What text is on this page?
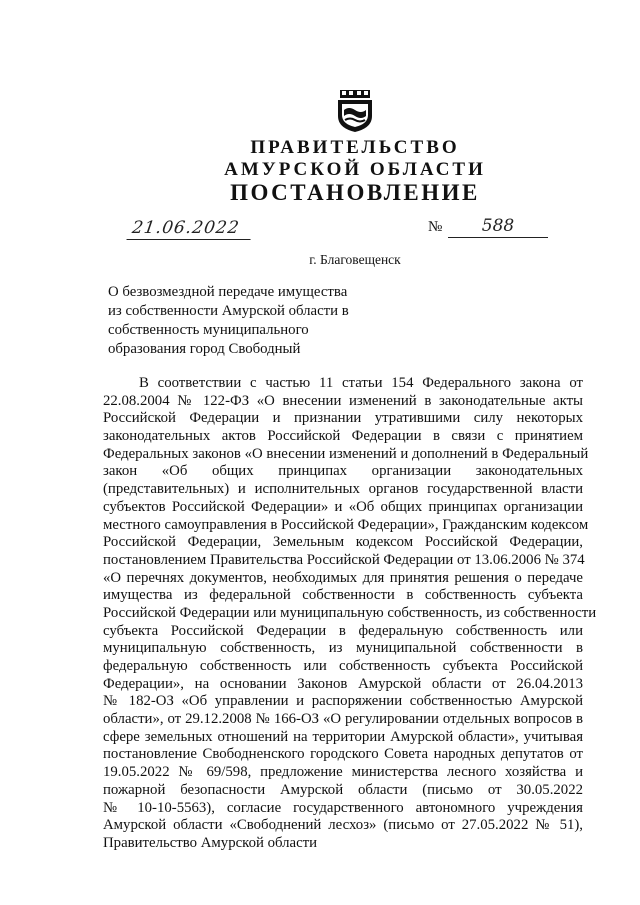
ПРАВИТЕЛЬСТВО
АМУРСКОЙ ОБЛАСТИ
ПОСТАНОВЛЕНИЕ
21.06.2022	№	588
г. Благовещенск
О безвозмездной передаче имущества
из собственности Амурской области в
собственность муниципального
образования город Свободный
В соответствии с частью 11 статьи 154 Федерального закона от
22.08.2004 № 122-ФЗ «О внесении изменений в законодательные акты
Российской Федерации и признании утратившими силу некоторых
законодательных актов Российской Федерации в связи с принятием
Федеральных законов «О внесении изменений и дополнений в Федеральный
закон «Об общих принципах организации законодательных
(представительных) и исполнительных органов государственной власти
субъектов Российской Федерации» и «Об общих принципах организации
местного самоуправления в Российской Федерации», Гражданским кодексом
Российской Федерации, Земельным кодексом Российской Федерации,
постановлением Правительства Российской Федерации от 13.06.2006 № 374
«О перечнях документов, необходимых для принятия решения о передаче
имущества из федеральной собственности в собственность субъекта
Российской Федерации или муниципальную собственность, из собственности
субъекта Российской Федерации в федеральную собственность или
муниципальную собственность, из муниципальной собственности в
федеральную собственность или собственность субъекта Российской
Федерации», на основании Законов Амурской области от 26.04.2013
№ 182-ОЗ «Об управлении и распоряжении собственностью Амурской
области», от 29.12.2008 № 166-ОЗ «О регулировании отдельных вопросов в
сфере земельных отношений на территории Амурской области», учитывая
постановление Свободненского городского Совета народных депутатов от
19.05.2022 № 69/598, предложение министерства лесного хозяйства и
пожарной безопасности Амурской области (письмо от 30.05.2022
№ 10-10-5563), согласие государственного автономного учреждения
Амурской области «Свободнений лесхоз» (письмо от 27.05.2022 № 51),
Правительство Амурской области
